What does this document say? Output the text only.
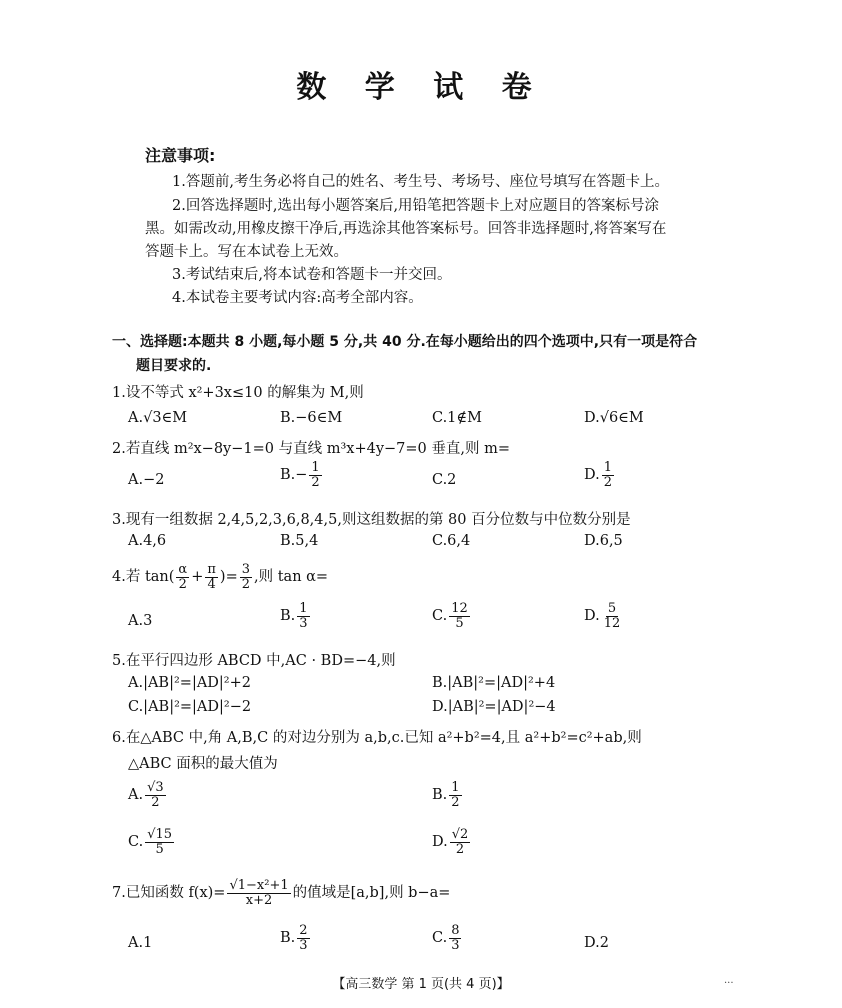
数 学 试 卷
注意事项:
1.答题前,考生务必将自己的姓名、考生号、考场号、座位号填写在答题卡上。
2.回答选择题时,选出每小题答案后,用铅笔把答题卡上对应题目的答案标号涂
黑。如需改动,用橡皮擦干净后,再选涂其他答案标号。回答非选择题时,将答案写在
答题卡上。写在本试卷上无效。
3.考试结束后,将本试卷和答题卡一并交回。
4.本试卷主要考试内容:高考全部内容。
一、选择题:本题共 8 小题,每小题 5 分,共 40 分.在每小题给出的四个选项中,只有一项是符合
题目要求的.
1.设不等式 x²+3x≤10 的解集为 M,则
A.√3∈M	B.−6∈M	C.1∉M	D.√6∈M
2.若直线 m²x−8y−1=0 与直线 m³x+4y−7=0 垂直,则 m=
A.−2	$B.- \frac{1}{2}$	C.2	D. $\frac{1}{2}$
3.现有一组数据 2,4,5,2,3,6,8,4,5,则这组数据的第 80 百分位数与中位数分别是
A.4,6	B.5,4	C.6,4	D.6,5
4.若 $\tan( \frac{\alpha}{2} + \frac{\pi}{4}$ )= $\frac{3}{2}$ ,则 tan α=
A.3	B. $\frac{1}{3}$	C. $\frac{12}{5}$	D. $\frac{5}{12}$
5.在平行四边形 ABCD 中,AC · BD=−4,则
A.|AB|²=|AD|²+2	B.|AB|²=|AD|²+4
C.|AB|²=|AD|²−2	D.|AB|²=|AD|²−4
6.在△ABC 中,角 A,B,C 的对边分别为 a,b,c.已知 a²+b²=4,且 a²+b²=c²+ab,则
△ABC 面积的最大值为
A. $\frac{√3}{2}$	B. $\frac{1}{2}$
C. $\frac{√15}{5}$	D. $\frac{√2}{2}$
7.已知函数 $f(x)= \frac{\text{√1−x²+1}}{x+2}$ 的值域是[a,b],则 b−a=
A.1	B. $\frac{2}{3}$	C. $\frac{8}{3}$	D.2
【高三数学 第 1 页(共 4 页)】	...
